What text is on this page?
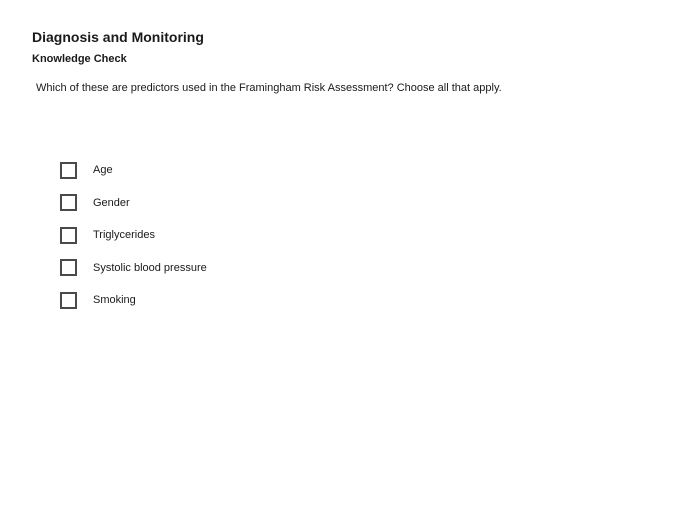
Diagnosis and Monitoring
Knowledge Check
Which of these are predictors used in the Framingham Risk Assessment? Choose all that apply.
Age
Gender
Triglycerides
Systolic blood pressure
Smoking
